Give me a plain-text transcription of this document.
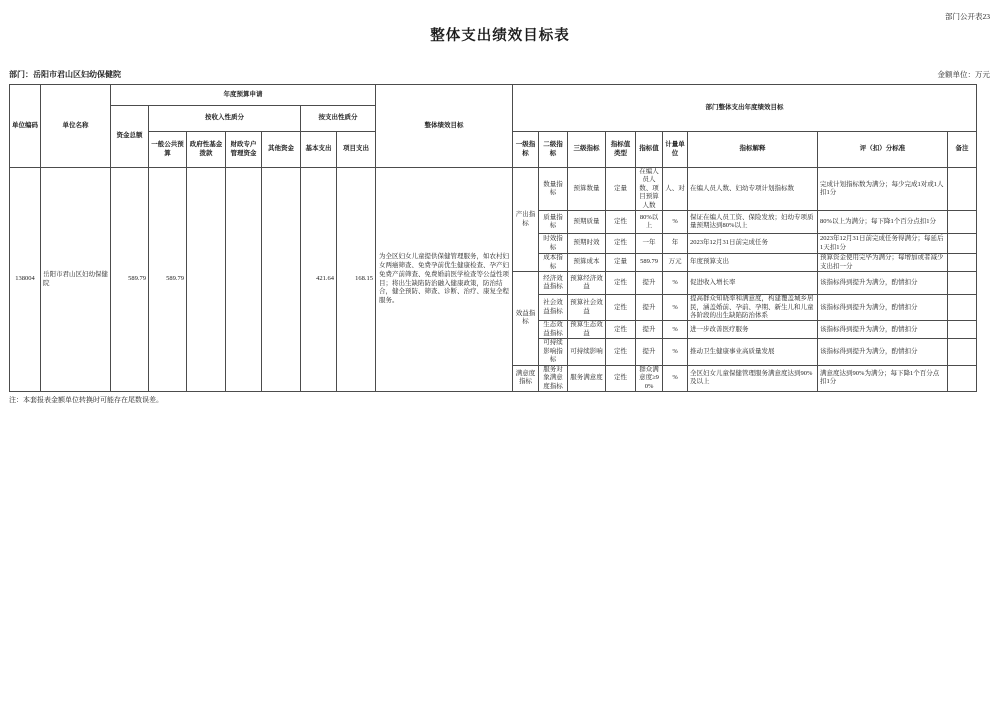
部门公开表23
整体支出绩效目标表
部门：岳阳市君山区妇幼保健院	金额单位：万元
单位编码	单位名称	年度预算申请							整体绩效目标	部门整体支出年度绩效目标								
		资金总额	按收入性质分				按支出性质分											
			一般公共预算	政府性基金拨款	财政专户管理资金	其他资金	基本支出	项目支出		一级指标	二级指标	三级指标	指标值类型	指标值	计量单位	指标解释	评（扣）分标准	备注
138004	岳阳市君山区妇幼保健院	589.79	589.79				421.64	168.15	为全区妇女儿童提供保健管理服务，如农村妇女两癌筛查、免费孕前优生健康检查、孕产妇免费产前筛查、免费婚前医学检查等公益性项目；将出生缺陷防治融入健康政策，防治结合，健全预防、筛查、诊断、治疗、康复全程服务。	产出指标	数量指标	预算数量	定量	在编人员人数、项目预算人数	人、对	在编人员人数、妇幼专项计划指标数	完成计划指标数为满分；每少完成1对或1人扣1分	
											质量指标	预期质量	定性	80%以上	%	保证在编人员工资、保险发放；妇幼专项质量预期达到80%以上	80%以上为满分；每下降1个百分点扣1分	
											时效指标	预期时效	定性	一年	年	2023年12月31日前完成任务	2023年12月31日前完成任务得满分；每延后1天扣1分	
											成本指标	预算成本	定量	589.79	万元	年度预算支出	预算资金使用完毕为满分；每增加或者减少支出扣一分	
										效益指标	经济效益指标	预算经济效益	定性	提升	%	促进收入增长率	该指标得到提升为满分，酌情扣分	
											社会效益指标	预算社会效益	定性	提升	%	提高群众知晓率和满意度，构建覆盖城乡居民，涵盖婚前、孕前、孕期、新生儿和儿童各阶段的出生缺陷防治体系	该指标得到提升为满分，酌情扣分	
											生态效益指标	预算生态效益	定性	提升	%	进一步改善医疗服务	该指标得到提升为满分，酌情扣分	
											可持续影响指标	可持续影响	定性	提升	%	推动卫生健康事业高质量发展	该指标得到提升为满分，酌情扣分	
										满意度指标	服务对象满意度指标	服务满意度	定性	群众满意度≥90%	%	全区妇女儿童保健管理服务满意度达到90%及以上	满意度达到90%为满分；每下降1个百分点扣1分	
注：本套报表金额单位转换时可能存在尾数误差。
